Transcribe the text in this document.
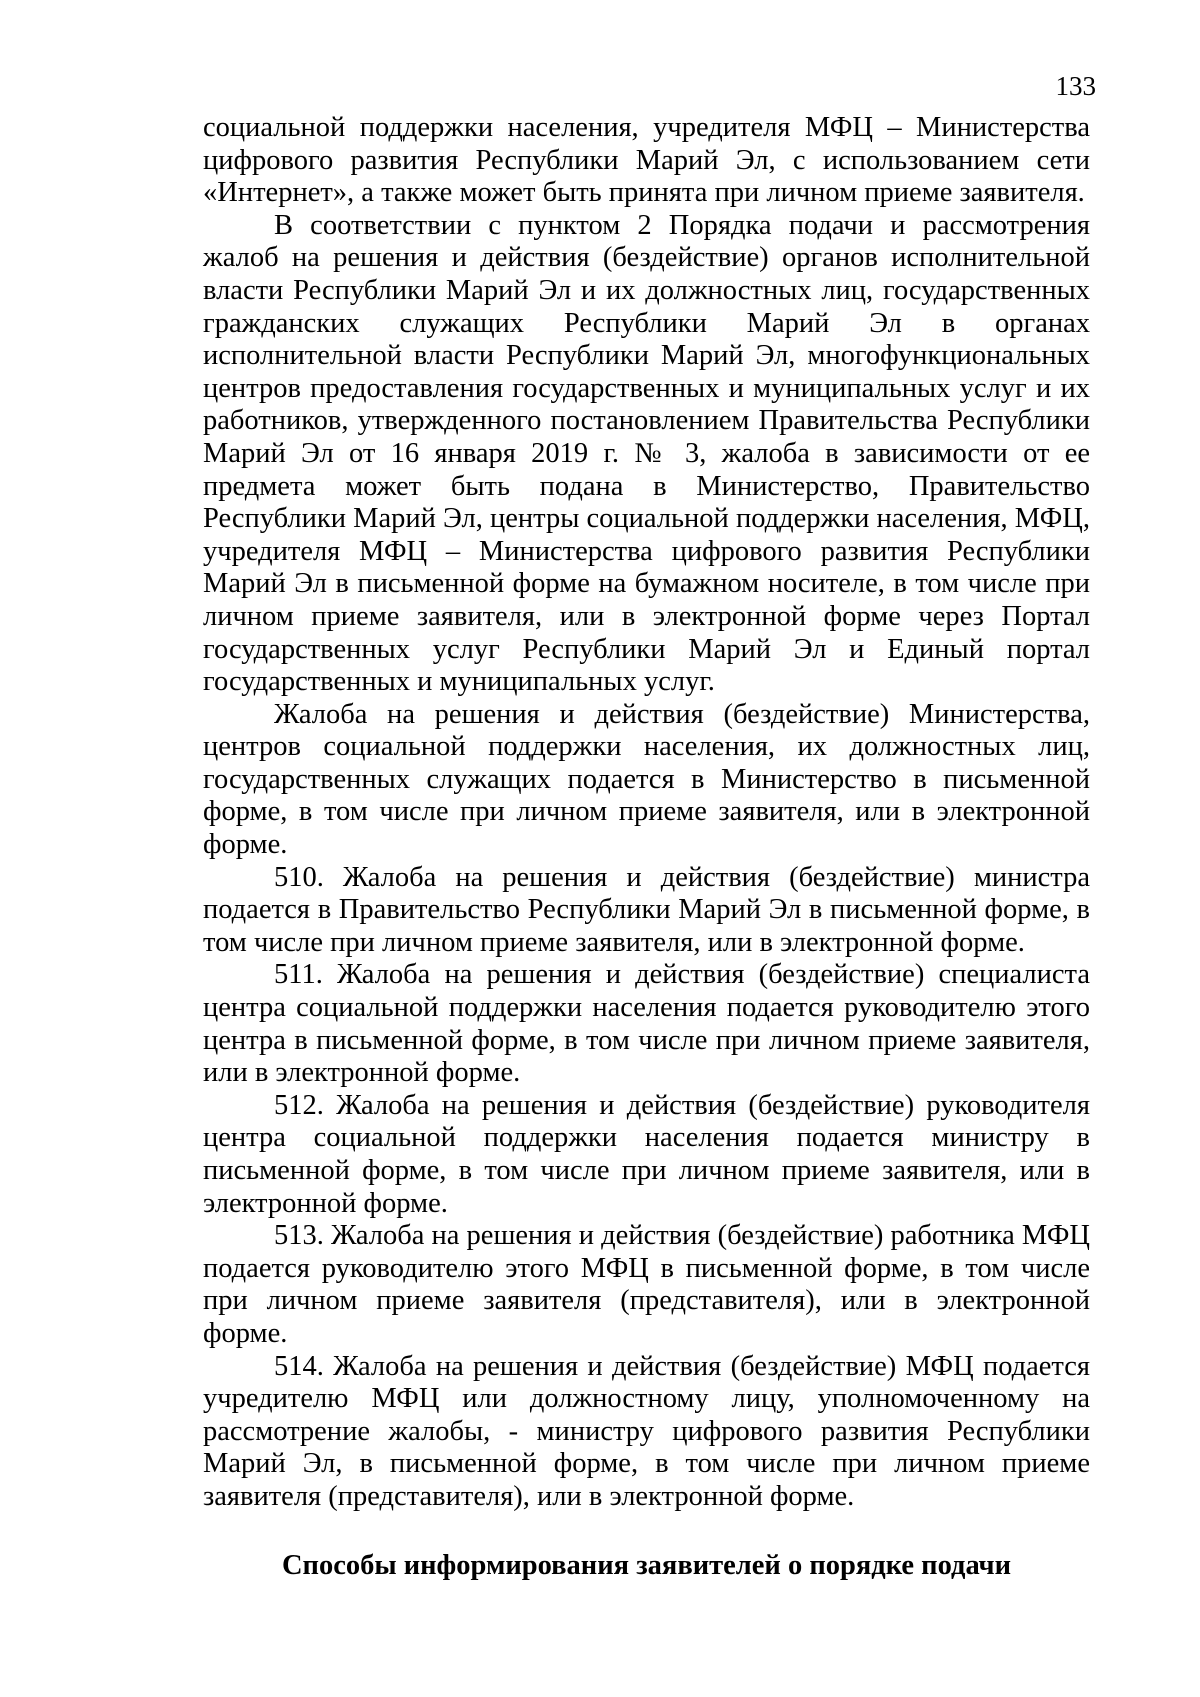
133

социальной поддержки населения, учредителя МФЦ – Министерства цифрового развития Республики Марий Эл, с использованием сети «Интернет», а также может быть принята при личном приеме заявителя.

В соответствии с пунктом 2 Порядка подачи и рассмотрения жалоб на решения и действия (бездействие) органов исполнительной власти Республики Марий Эл и их должностных лиц, государственных гражданских служащих Республики Марий Эл в органах исполнительной власти Республики Марий Эл, многофункциональных центров предоставления государственных и муниципальных услуг и их работников, утвержденного постановлением Правительства Республики Марий Эл от 16 января 2019 г. № 3, жалоба в зависимости от ее предмета может быть подана в Министерство, Правительство Республики Марий Эл, центры социальной поддержки населения, МФЦ, учредителя МФЦ – Министерства цифрового развития Республики Марий Эл в письменной форме на бумажном носителе, в том числе при личном приеме заявителя, или в электронной форме через Портал государственных услуг Республики Марий Эл и Единый портал государственных и муниципальных услуг.

Жалоба на решения и действия (бездействие) Министерства, центров социальной поддержки населения, их должностных лиц, государственных служащих подается в Министерство в письменной форме, в том числе при личном приеме заявителя, или в электронной форме.

510. Жалоба на решения и действия (бездействие) министра подается в Правительство Республики Марий Эл в письменной форме, в том числе при личном приеме заявителя, или в электронной форме.

511. Жалоба на решения и действия (бездействие) специалиста центра социальной поддержки населения подается руководителю этого центра в письменной форме, в том числе при личном приеме заявителя, или в электронной форме.

512. Жалоба на решения и действия (бездействие) руководителя центра социальной поддержки населения подается министру в письменной форме, в том числе при личном приеме заявителя, или в электронной форме.

513. Жалоба на решения и действия (бездействие) работника МФЦ подается руководителю этого МФЦ в письменной форме, в том числе при личном приеме заявителя (представителя), или в электронной форме.

514. Жалоба на решения и действия (бездействие) МФЦ подается учредителю МФЦ или должностному лицу, уполномоченному на рассмотрение жалобы, - министру цифрового развития Республики Марий Эл, в письменной форме, в том числе при личном приеме заявителя (представителя), или в электронной форме.

Способы информирования заявителей о порядке подачи
